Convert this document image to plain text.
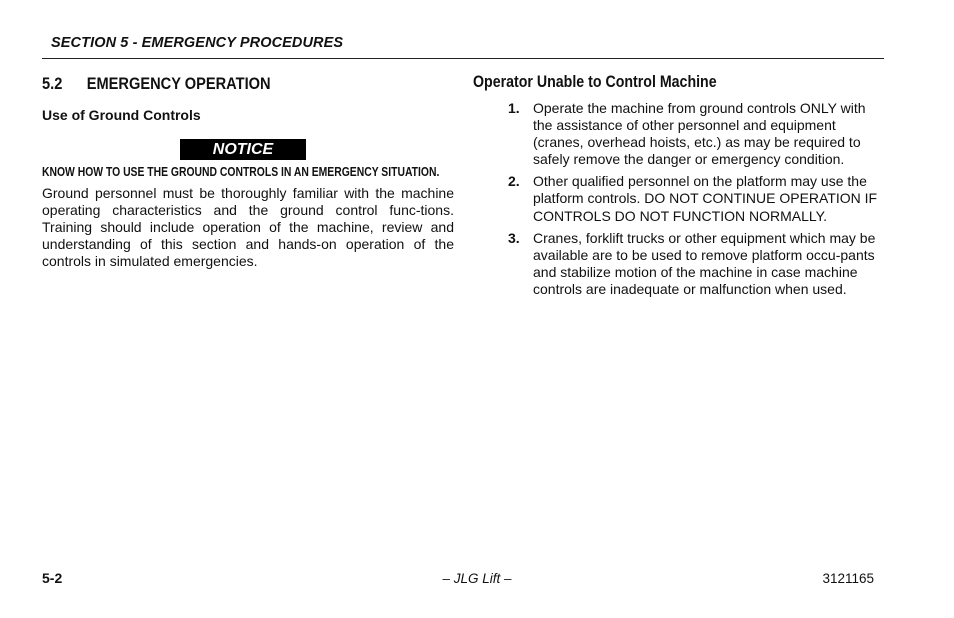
SECTION 5 - EMERGENCY PROCEDURES
5.2 EMERGENCY OPERATION
Use of Ground Controls
NOTICE
KNOW HOW TO USE THE GROUND CONTROLS IN AN EMERGENCY SITUATION.
Ground personnel must be thoroughly familiar with the machine operating characteristics and the ground control func-tions. Training should include operation of the machine, review and understanding of this section and hands-on operation of the controls in simulated emergencies.
Operator Unable to Control Machine
1. Operate the machine from ground controls ONLY with the assistance of other personnel and equipment (cranes, overhead hoists, etc.) as may be required to safely remove the danger or emergency condition.
2. Other qualified personnel on the platform may use the platform controls. DO NOT CONTINUE OPERATION IF CONTROLS DO NOT FUNCTION NORMALLY.
3. Cranes, forklift trucks or other equipment which may be available are to be used to remove platform occu-pants and stabilize motion of the machine in case machine controls are inadequate or malfunction when used.
5-2	– JLG Lift –	3121165
